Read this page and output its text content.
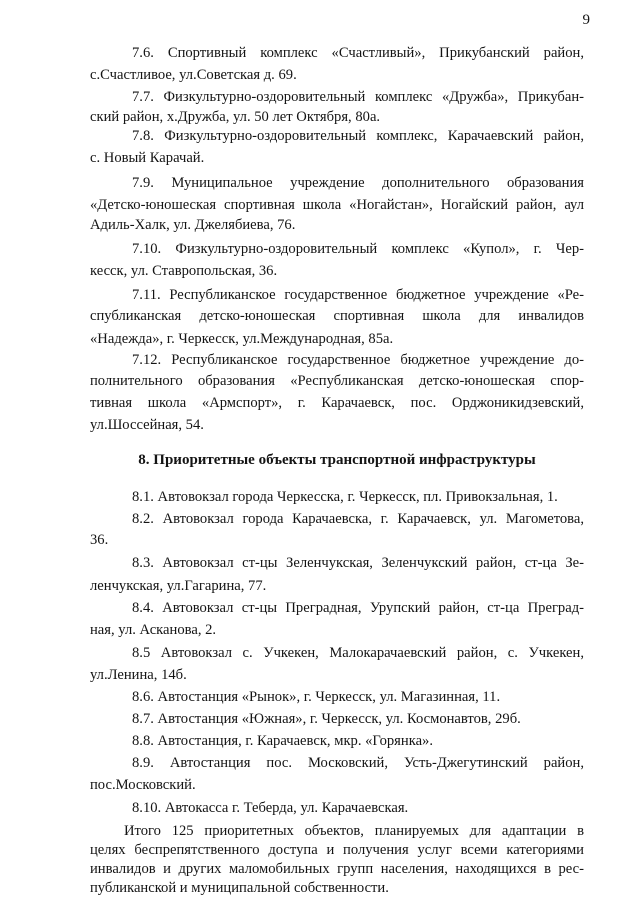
9
7.6. Спортивный комплекс «Счастливый», Прикубанский район,
с.Счастливое, ул.Советская д. 69.
7.7. Физкультурно-оздоровительный комплекс «Дружба», Прикубан-
ский район, х.Дружба, ул. 50 лет Октября, 80а.
7.8. Физкультурно-оздоровительный комплекс, Карачаевский район,
с. Новый Карачай.
7.9. Муниципальное учреждение дополнительного образования
«Детско-юношеская спортивная школа «Ногайстан», Ногайский район, аул
Адиль-Халк, ул. Джелябиева, 76.
7.10. Физкультурно-оздоровительный комплекс «Купол», г. Чер-
кесск, ул. Ставропольская, 36.
7.11. Республиканское государственное бюджетное учреждение «Ре-
спубликанская детско-юношеская спортивная школа для инвалидов
«Надежда», г. Черкесск, ул.Международная, 85а.
7.12. Республиканское государственное бюджетное учреждение до-
полнительного образования «Республиканская детско-юношеская спор-
тивная школа «Армспорт», г. Карачаевск, пос. Орджоникидзевский,
ул.Шоссейная, 54.
8. Приоритетные объекты транспортной инфраструктуры
8.1. Автовокзал города Черкесска, г. Черкесск, пл. Привокзальная, 1.
8.2. Автовокзал города Карачаевска, г. Карачаевск, ул. Магометова,
36.
8.3. Автовокзал ст-цы Зеленчукская, Зеленчукский район, ст-ца Зе-
ленчукская, ул.Гагарина, 77.
8.4. Автовокзал ст-цы Преградная, Урупский район, ст-ца Преград-
ная, ул. Асканова, 2.
8.5 Автовокзал с. Учкекен, Малокарачаевский район, с. Учкекен,
ул.Ленина, 14б.
8.6. Автостанция «Рынок», г. Черкесск, ул. Магазинная, 11.
8.7. Автостанция «Южная», г. Черкесск, ул. Космонавтов, 29б.
8.8. Автостанция, г. Карачаевск, мкр. «Горянка».
8.9. Автостанция пос. Московский, Усть-Джегутинский район,
пос.Московский.
8.10. Автокасса г. Теберда, ул. Карачаевская.
Итого 125 приоритетных объектов, планируемых для адаптации в
целях беспрепятственного доступа и получения услуг всеми категориями
инвалидов и других маломобильных групп населения, находящихся в рес-
публиканской и муниципальной собственности.
